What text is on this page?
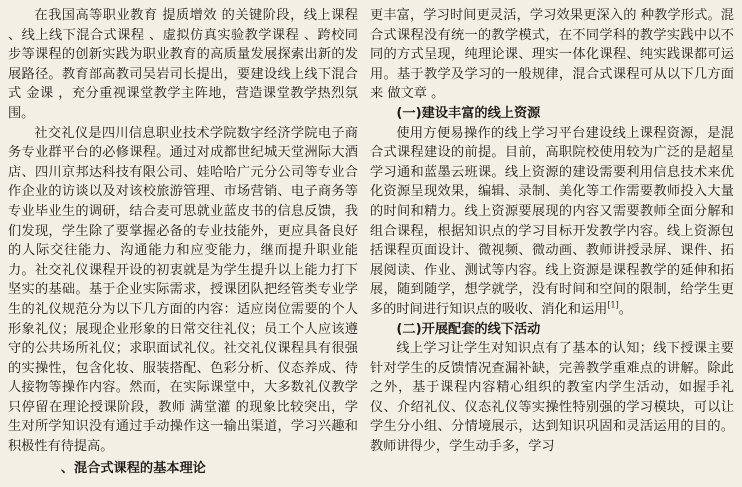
在我国高等职业教育 提质增效 的关键阶段，线上课程 、线上线下混合式课程 、虚拟仿真实验教学课程 、跨校同步等课程的创新实践为职业教育的高质量发展探索出新的发展路径。教育部高教司吴岩司长提出，要建设线上线下混合式 金课 ，充分重视课堂教学主阵地，营造课堂教学热烈氛围。

社交礼仪是四川信息职业技术学院数字经济学院电子商务专业群平台的必修课程。通过对成都世纪城天堂洲际大酒店、四川京邦达科技有限公司、娃哈哈广元分公司等专业合作企业的访谈以及对该校旅游管理、市场营销、电子商务等专业毕业生的调研，结合麦可思就业蓝皮书的信息反馈，我们发现，学生除了要掌握必备的专业技能外，更应具备良好的人际交往能力、沟通能力和应变能力，继而提升职业能力。社交礼仪课程开设的初衷就是为学生提升以上能力打下坚实的基础。基于企业实际需求，授课团队把经管类专业学生的礼仪规范分为以下几方面的内容：适应岗位需要的个人形象礼仪；展现企业形象的日常交往礼仪；员工个人应该遵守的公共场所礼仪；求职面试礼仪。社交礼仪课程具有很强的实操性，包含化妆、服装搭配、色彩分析、仪态养成、待人接物等操作内容。然而，在实际课堂中，大多数礼仪教学只停留在理论授课阶段，教师 满堂灌 的现象比较突出，学生对所学知识没有通过手动操作这一输出渠道，学习兴趣和积极性有待提高。

、混合式课程的基本理论

更丰富，学习时间更灵活，学习效果更深入的 种教学形式。混合式课程没有统一的教学模式，在不同学科的教学实践中以不同的方式呈现，纯理论课、理实一体化课程、纯实践课都可运用。基于教学及学习的一般规律，混合式课程可从以下几方面来 做文章 。

(一)建设丰富的线上资源

使用方便易操作的线上学习平台建设线上课程资源，是混合式课程建设的前提。目前，高职院校使用较为广泛的是超星学习通和蓝墨云班课。线上资源的建设需要利用信息技术来优化资源呈现效果，编辑、录制、美化等工作需要教师投入大量的时间和精力。线上资源要展现的内容又需要教师全面分解和组合课程，根据知识点的学习目标开发教学内容。线上资源包括课程页面设计、微视频、微动画、教师讲授录屏、课件、拓展阅读、作业、测试等内容。线上资源是课程教学的延伸和拓展，随到随学，想学就学，没有时间和空间的限制，给学生更多的时间进行知识点的吸收、消化和运用[1]。

(二)开展配套的线下活动

线上学习让学生对知识点有了基本的认知；线下授课主要针对学生的反馈情况查漏补缺，完善教学重难点的讲解。除此之外，基于课程内容精心组织的教室内学生活动，如握手礼仪、介绍礼仪、仪态礼仪等实操性特别强的学习模块，可以让学生分小组、分情境展示，达到知识巩固和灵活运用的目的。教师讲得少，学生动手多，学习
